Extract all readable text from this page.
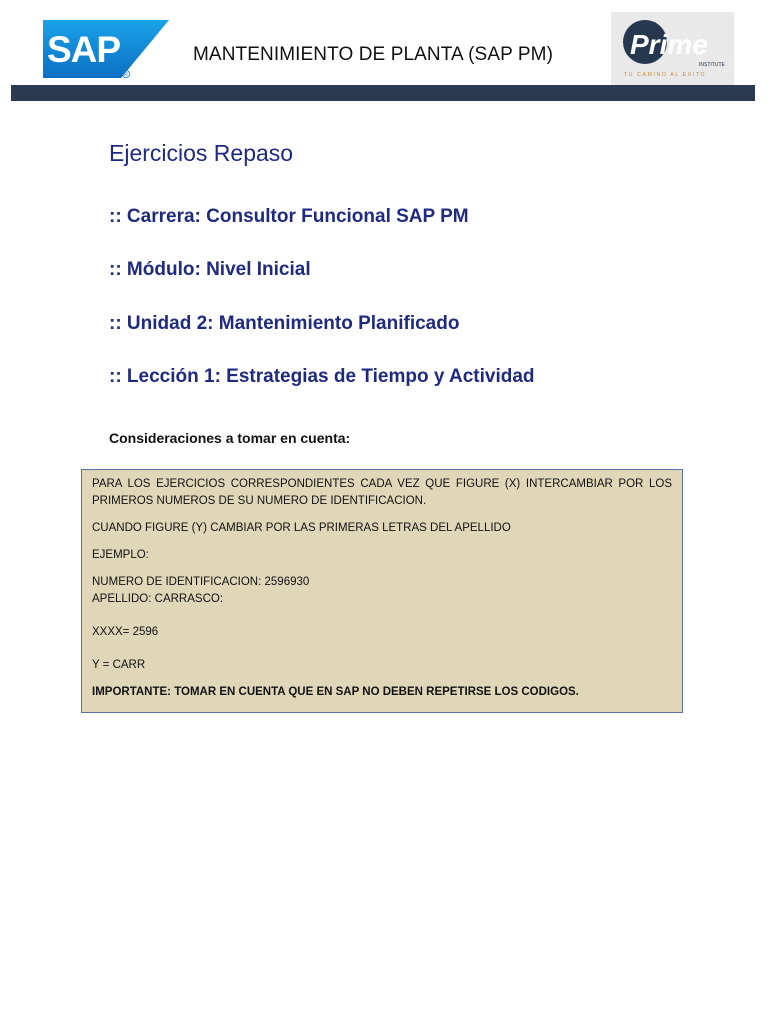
SAP
R
MANTENIMIENTO DE PLANTA (SAP PM)	Prime
INSTITUTE
TU CAMINO AL EXITO
Ejercicios Repaso
:: Carrera: Consultor Funcional SAP PM
:: Módulo: Nivel Inicial
:: Unidad 2: Mantenimiento Planificado
:: Lección 1: Estrategias de Tiempo y Actividad
Consideraciones a tomar en cuenta:

PARA LOS EJERCICIOS CORRESPONDIENTES CADA VEZ QUE FIGURE (X) INTERCAMBIAR POR LOS PRIMEROS NUMEROS DE SU NUMERO DE IDENTIFICACION.

CUANDO FIGURE (Y) CAMBIAR POR LAS PRIMERAS LETRAS DEL APELLIDO

EJEMPLO:

NUMERO DE IDENTIFICACION: 2596930
APELLIDO: CARRASCO:

XXXX= 2596

Y = CARR

IMPORTANTE: TOMAR EN CUENTA QUE EN SAP NO DEBEN REPETIRSE LOS CODIGOS.
